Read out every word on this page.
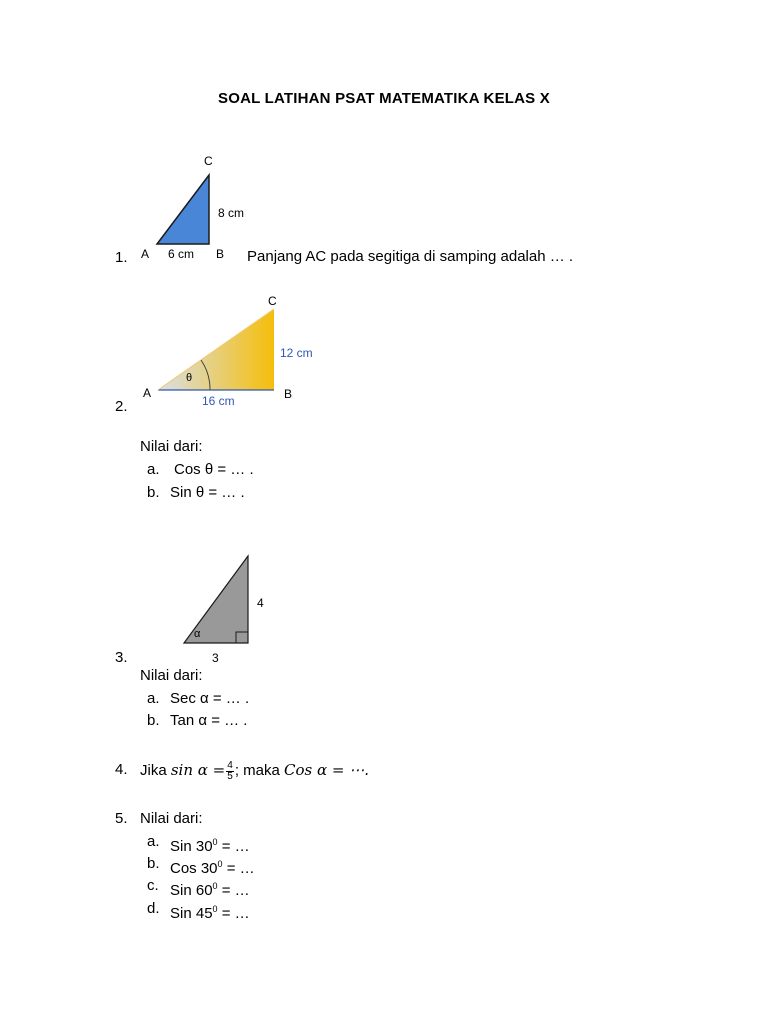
SOAL LATIHAN PSAT MATEMATIKA KELAS X
C
8 cm
A 6 cm B
1.	Panjang AC pada segitiga di samping adalah … .
C
12 cm
θ
A	B
16 cm
2.
Nilai dari:
a. Cos θ = … .
b. Sin θ = … .
α
4
3
3.
Nilai dari:
a. Sec α = … .
b. Tan α = … .
4. Jika $\sin \alpha = \frac{4}{5}$ ; maka Cos α = ⋯.
5. Nilai dari:
a. Sin $30^0$ = …
b. Cos $30^0$ = …
c. Sin $60^0$ = …
d. Sin $45^0$ = …
